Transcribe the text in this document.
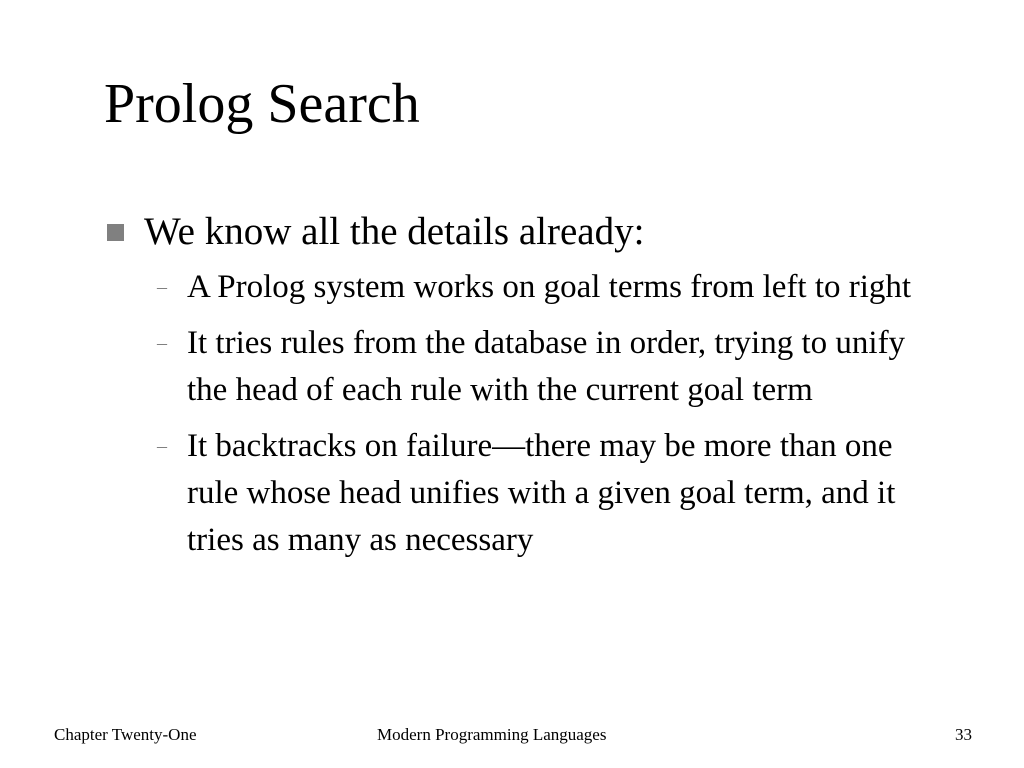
Prolog Search
We know all the details already:
– A Prolog system works on goal terms from left to right
– It tries rules from the database in order, trying to unify the head of each rule with the current goal term
– It backtracks on failure—there may be more than one rule whose head unifies with a given goal term, and it tries as many as necessary
Chapter Twenty-One	Modern Programming Languages	33
